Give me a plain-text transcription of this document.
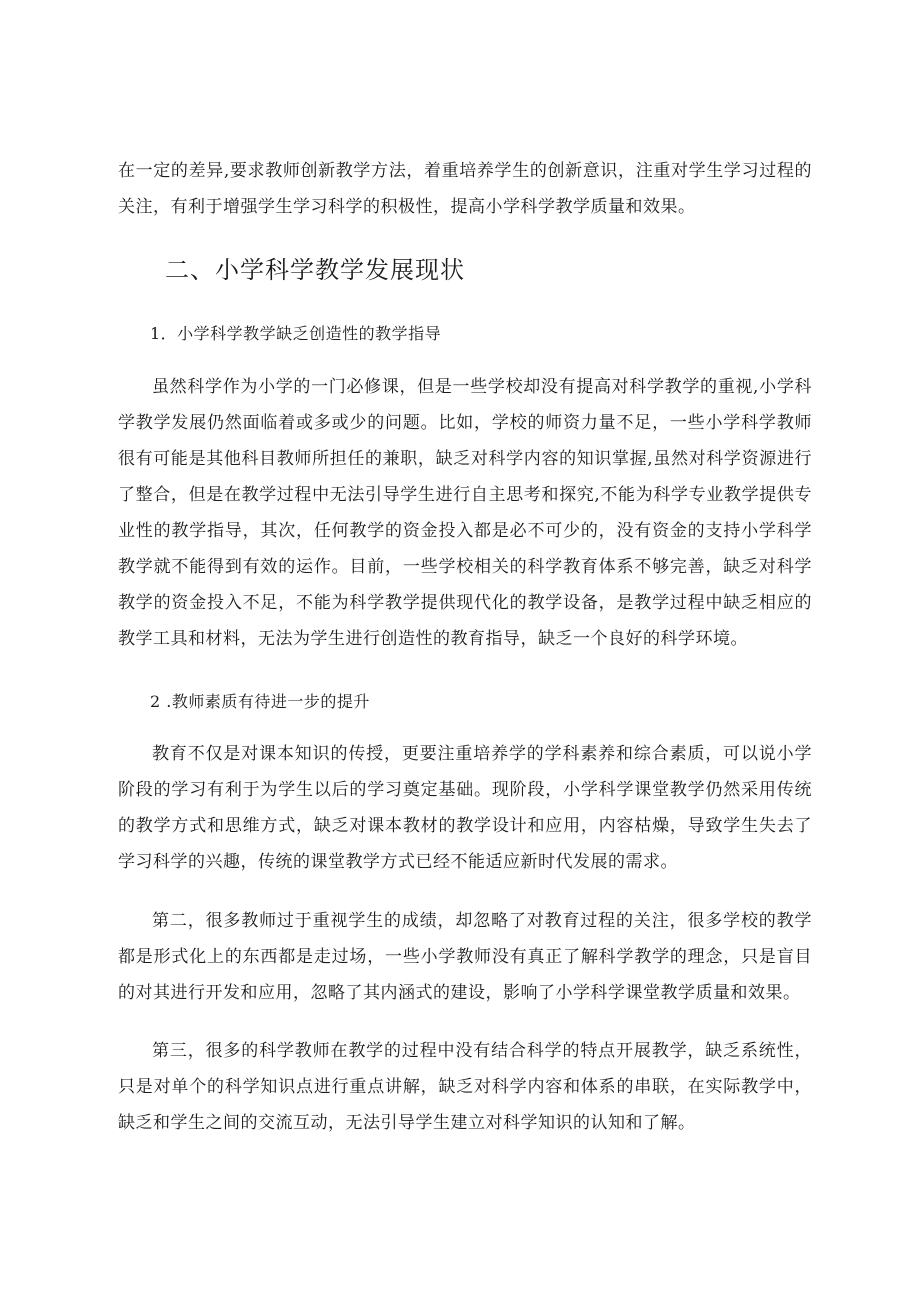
在一定的差异,要求教师创新教学方法，着重培养学生的创新意识，注重对学生学习过程的关注，有利于增强学生学习科学的积极性，提高小学科学教学质量和效果。

二、小学科学教学发展现状

1．小学科学教学缺乏创造性的教学指导

虽然科学作为小学的一门必修课，但是一些学校却没有提高对科学教学的重视,小学科学教学发展仍然面临着或多或少的问题。比如，学校的师资力量不足，一些小学科学教师很有可能是其他科目教师所担任的兼职，缺乏对科学内容的知识掌握,虽然对科学资源进行了整合，但是在教学过程中无法引导学生进行自主思考和探究,不能为科学专业教学提供专业性的教学指导，其次，任何教学的资金投入都是必不可少的，没有资金的支持小学科学教学就不能得到有效的运作。目前，一些学校相关的科学教育体系不够完善，缺乏对科学教学的资金投入不足，不能为科学教学提供现代化的教学设备，是教学过程中缺乏相应的教学工具和材料，无法为学生进行创造性的教育指导，缺乏一个良好的科学环境。

2 .教师素质有待进一步的提升

教育不仅是对课本知识的传授，更要注重培养学的学科素养和综合素质，可以说小学阶段的学习有利于为学生以后的学习奠定基础。现阶段，小学科学课堂教学仍然采用传统的教学方式和思维方式，缺乏对课本教材的教学设计和应用，内容枯燥，导致学生失去了学习科学的兴趣，传统的课堂教学方式已经不能适应新时代发展的需求。

第二，很多教师过于重视学生的成绩，却忽略了对教育过程的关注，很多学校的教学都是形式化上的东西都是走过场，一些小学教师没有真正了解科学教学的理念，只是盲目的对其进行开发和应用，忽略了其内涵式的建设，影响了小学科学课堂教学质量和效果。

第三，很多的科学教师在教学的过程中没有结合科学的特点开展教学，缺乏系统性，只是对单个的科学知识点进行重点讲解，缺乏对科学内容和体系的串联，在实际教学中，缺乏和学生之间的交流互动，无法引导学生建立对科学知识的认知和了解。
